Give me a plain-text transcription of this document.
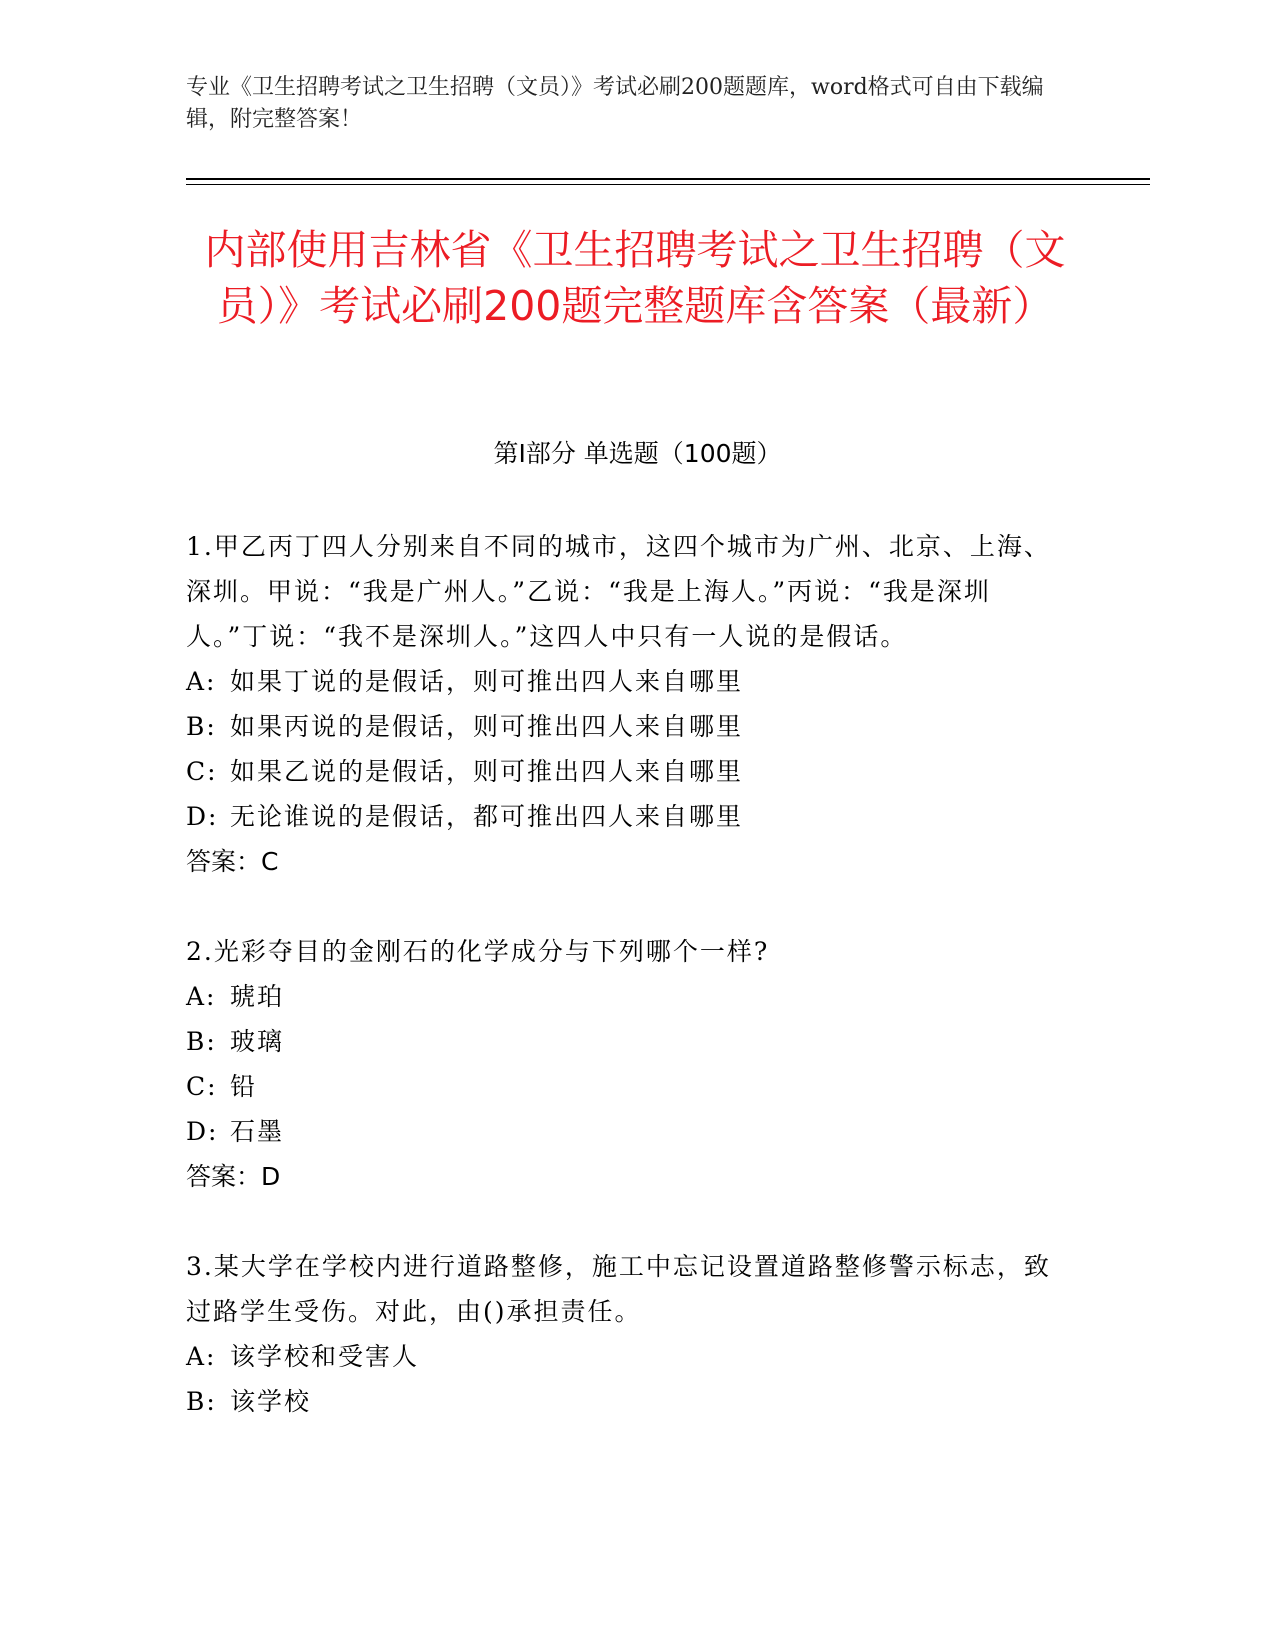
专业《卫生招聘考试之卫生招聘（文员）》考试必刷200题题库，word格式可自由下载编辑，附完整答案！
内部使用吉林省《卫生招聘考试之卫生招聘（文员）》考试必刷200题完整题库含答案（最新）
第Ⅰ部分 单选题（100题）
1.甲乙丙丁四人分别来自不同的城市，这四个城市为广州、北京、上海、深圳。甲说：“我是广州人。”乙说：“我是上海人。”丙说：“我是深圳人。”丁说：“我不是深圳人。”这四人中只有一人说的是假话。
A: 如果丁说的是假话，则可推出四人来自哪里
B: 如果丙说的是假话，则可推出四人来自哪里
C: 如果乙说的是假话，则可推出四人来自哪里
D: 无论谁说的是假话，都可推出四人来自哪里
答案：C
2.光彩夺目的金刚石的化学成分与下列哪个一样?
A: 琥珀
B: 玻璃
C: 铅
D: 石墨
答案：D
3.某大学在学校内进行道路整修，施工中忘记设置道路整修警示标志，致过路学生受伤。对此，由()承担责任。
A: 该学校和受害人
B: 该学校
